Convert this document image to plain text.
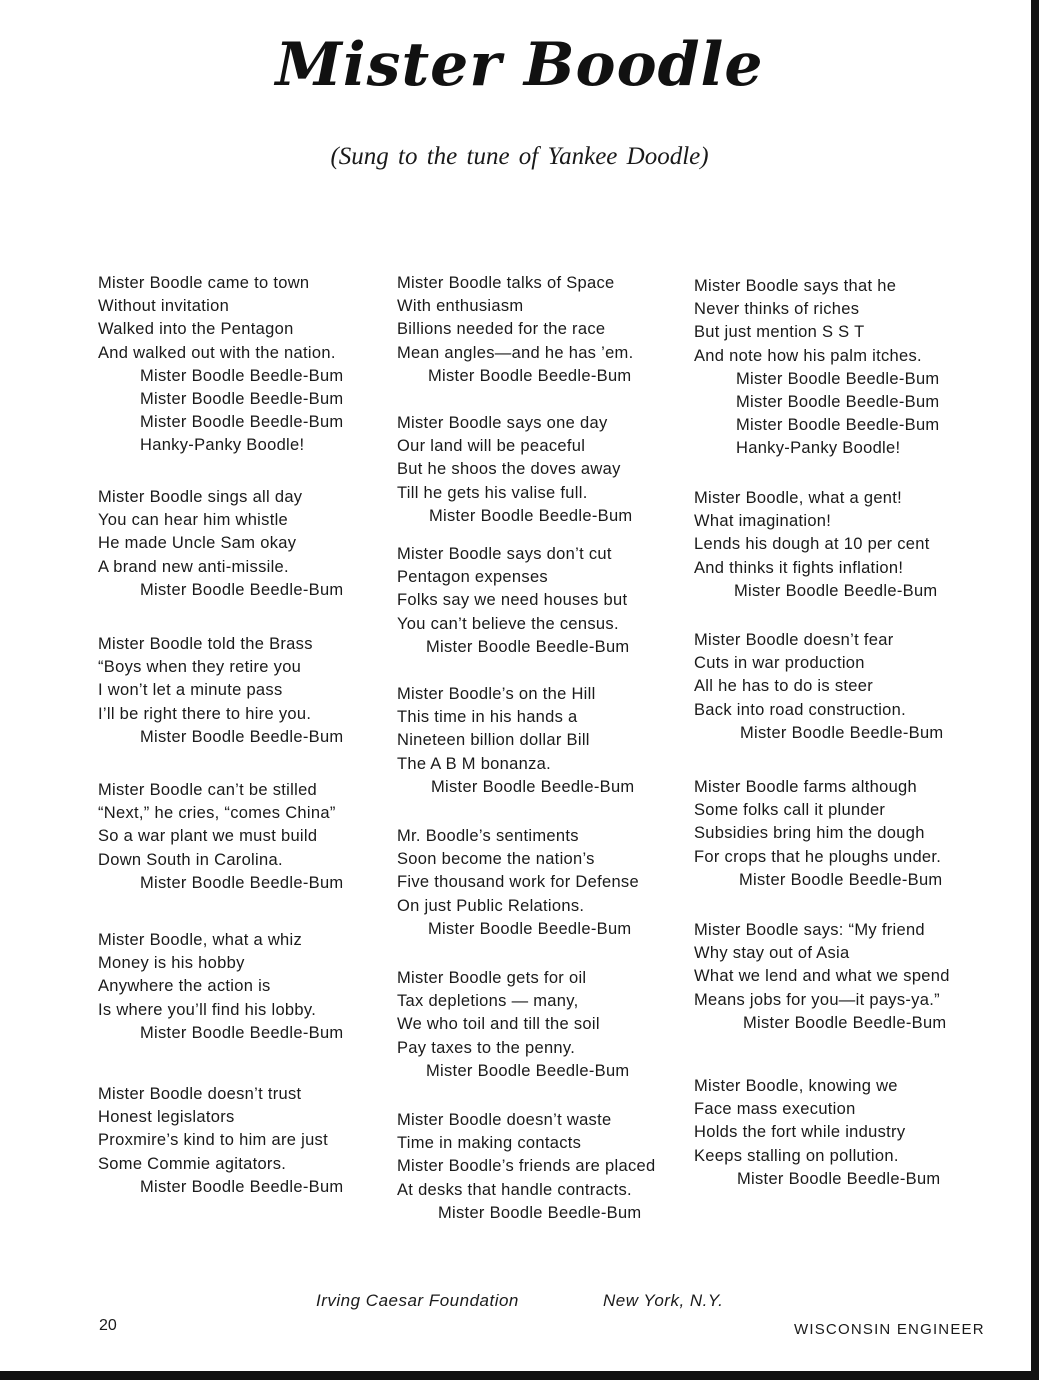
Mister Boodle
(Sung to the tune of Yankee Doodle)
Mister Boodle came to town
Without invitation
Walked into the Pentagon
And walked out with the nation.
Mister Boodle Beedle-Bum
Mister Boodle Beedle-Bum
Mister Boodle Beedle-Bum
Hanky-Panky Boodle!
Mister Boodle sings all day
You can hear him whistle
He made Uncle Sam okay
A brand new anti-missile.
Mister Boodle Beedle-Bum
Mister Boodle told the Brass
“Boys when they retire you
I won’t let a minute pass
I’ll be right there to hire you.
Mister Boodle Beedle-Bum
Mister Boodle can’t be stilled
“Next,” he cries, “comes China”
So a war plant we must build
Down South in Carolina.
Mister Boodle Beedle-Bum
Mister Boodle, what a whiz
Money is his hobby
Anywhere the action is
Is where you’ll find his lobby.
Mister Boodle Beedle-Bum
Mister Boodle doesn’t trust
Honest legislators
Proxmire’s kind to him are just
Some Commie agitators.
Mister Boodle Beedle-Bum
Mister Boodle talks of Space
With enthusiasm
Billions needed for the race
Mean angles—and he has ’em.
Mister Boodle Beedle-Bum
Mister Boodle says one day
Our land will be peaceful
But he shoos the doves away
Till he gets his valise full.
Mister Boodle Beedle-Bum
Mister Boodle says don’t cut
Pentagon expenses
Folks say we need houses but
You can’t believe the census.
Mister Boodle Beedle-Bum
Mister Boodle’s on the Hill
This time in his hands a
Nineteen billion dollar Bill
The A B M bonanza.
Mister Boodle Beedle-Bum
Mr. Boodle’s sentiments
Soon become the nation’s
Five thousand work for Defense
On just Public Relations.
Mister Boodle Beedle-Bum
Mister Boodle gets for oil
Tax depletions — many,
We who toil and till the soil
Pay taxes to the penny.
Mister Boodle Beedle-Bum
Mister Boodle doesn’t waste
Time in making contacts
Mister Boodle’s friends are placed
At desks that handle contracts.
Mister Boodle Beedle-Bum
Mister Boodle says that he
Never thinks of riches
But just mention S S T
And note how his palm itches.
Mister Boodle Beedle-Bum
Mister Boodle Beedle-Bum
Mister Boodle Beedle-Bum
Hanky-Panky Boodle!
Mister Boodle, what a gent!
What imagination!
Lends his dough at 10 per cent
And thinks it fights inflation!
Mister Boodle Beedle-Bum
Mister Boodle doesn’t fear
Cuts in war production
All he has to do is steer
Back into road construction.
Mister Boodle Beedle-Bum
Mister Boodle farms although
Some folks call it plunder
Subsidies bring him the dough
For crops that he ploughs under.
Mister Boodle Beedle-Bum
Mister Boodle says: “My friend
Why stay out of Asia
What we lend and what we spend
Means jobs for you—it pays-ya.”
Mister Boodle Beedle-Bum
Mister Boodle, knowing we
Face mass execution
Holds the fort while industry
Keeps stalling on pollution.
Mister Boodle Beedle-Bum
Irving Caesar Foundation	New York, N.Y.
20	WISCONSIN ENGINEER
